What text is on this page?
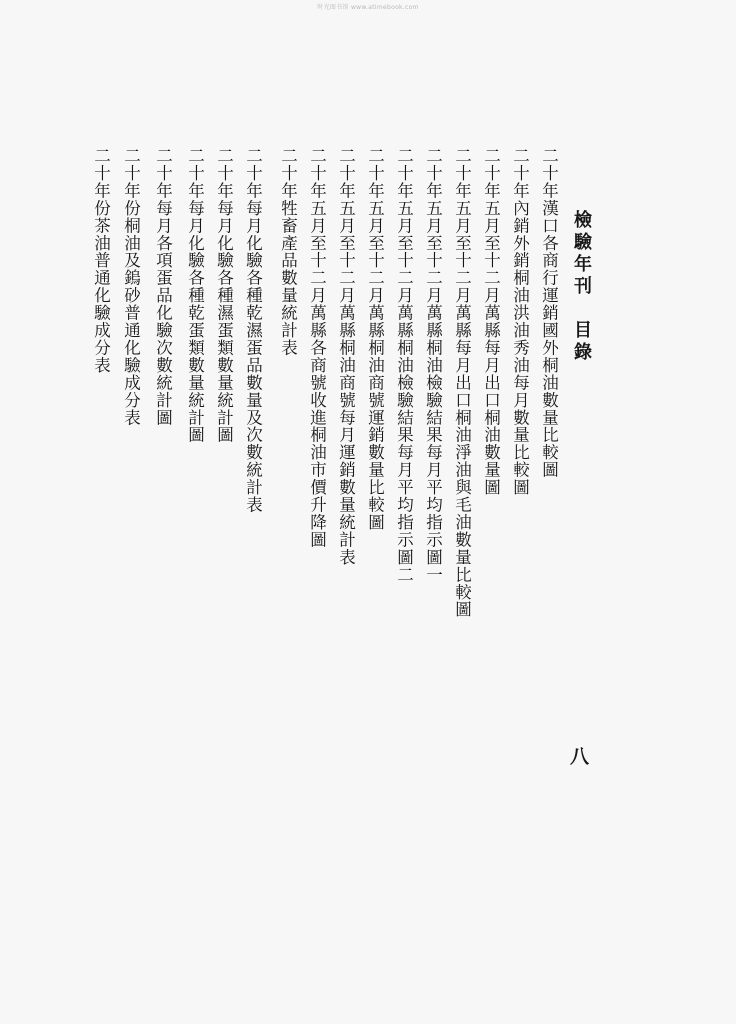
时光图书馆 www.atimebook.com
檢驗年刊目錄
二十年漢口各商行運銷國外桐油數量比較圖
二十年內銷外銷桐油洪油秀油每月數量比較圖
二十年五月至十二月萬縣每月出口桐油數量圖
二十年五月至十二月萬縣每月出口桐油淨油與毛油數量比較圖
二十年五月至十二月萬縣桐油檢驗結果每月平均指示圖一
二十年五月至十二月萬縣桐油檢驗結果每月平均指示圖二
二十年五月至十二月萬縣桐油商號運銷數量比較圖
二十年五月至十二月萬縣桐油商號每月運銷數量統計表
二十年五月至十二月萬縣各商號收進桐油市價升降圖
二十年牲畜產品數量統計表
二十年每月化驗各種乾濕蛋品數量及次數統計表
二十年每月化驗各種濕蛋類數量統計圖
二十年每月化驗各種乾蛋類數量統計圖
二十年每月各項蛋品化驗次數統計圖
二十年份桐油及鎢砂普通化驗成分表
二十年份茶油普通化驗成分表
八
